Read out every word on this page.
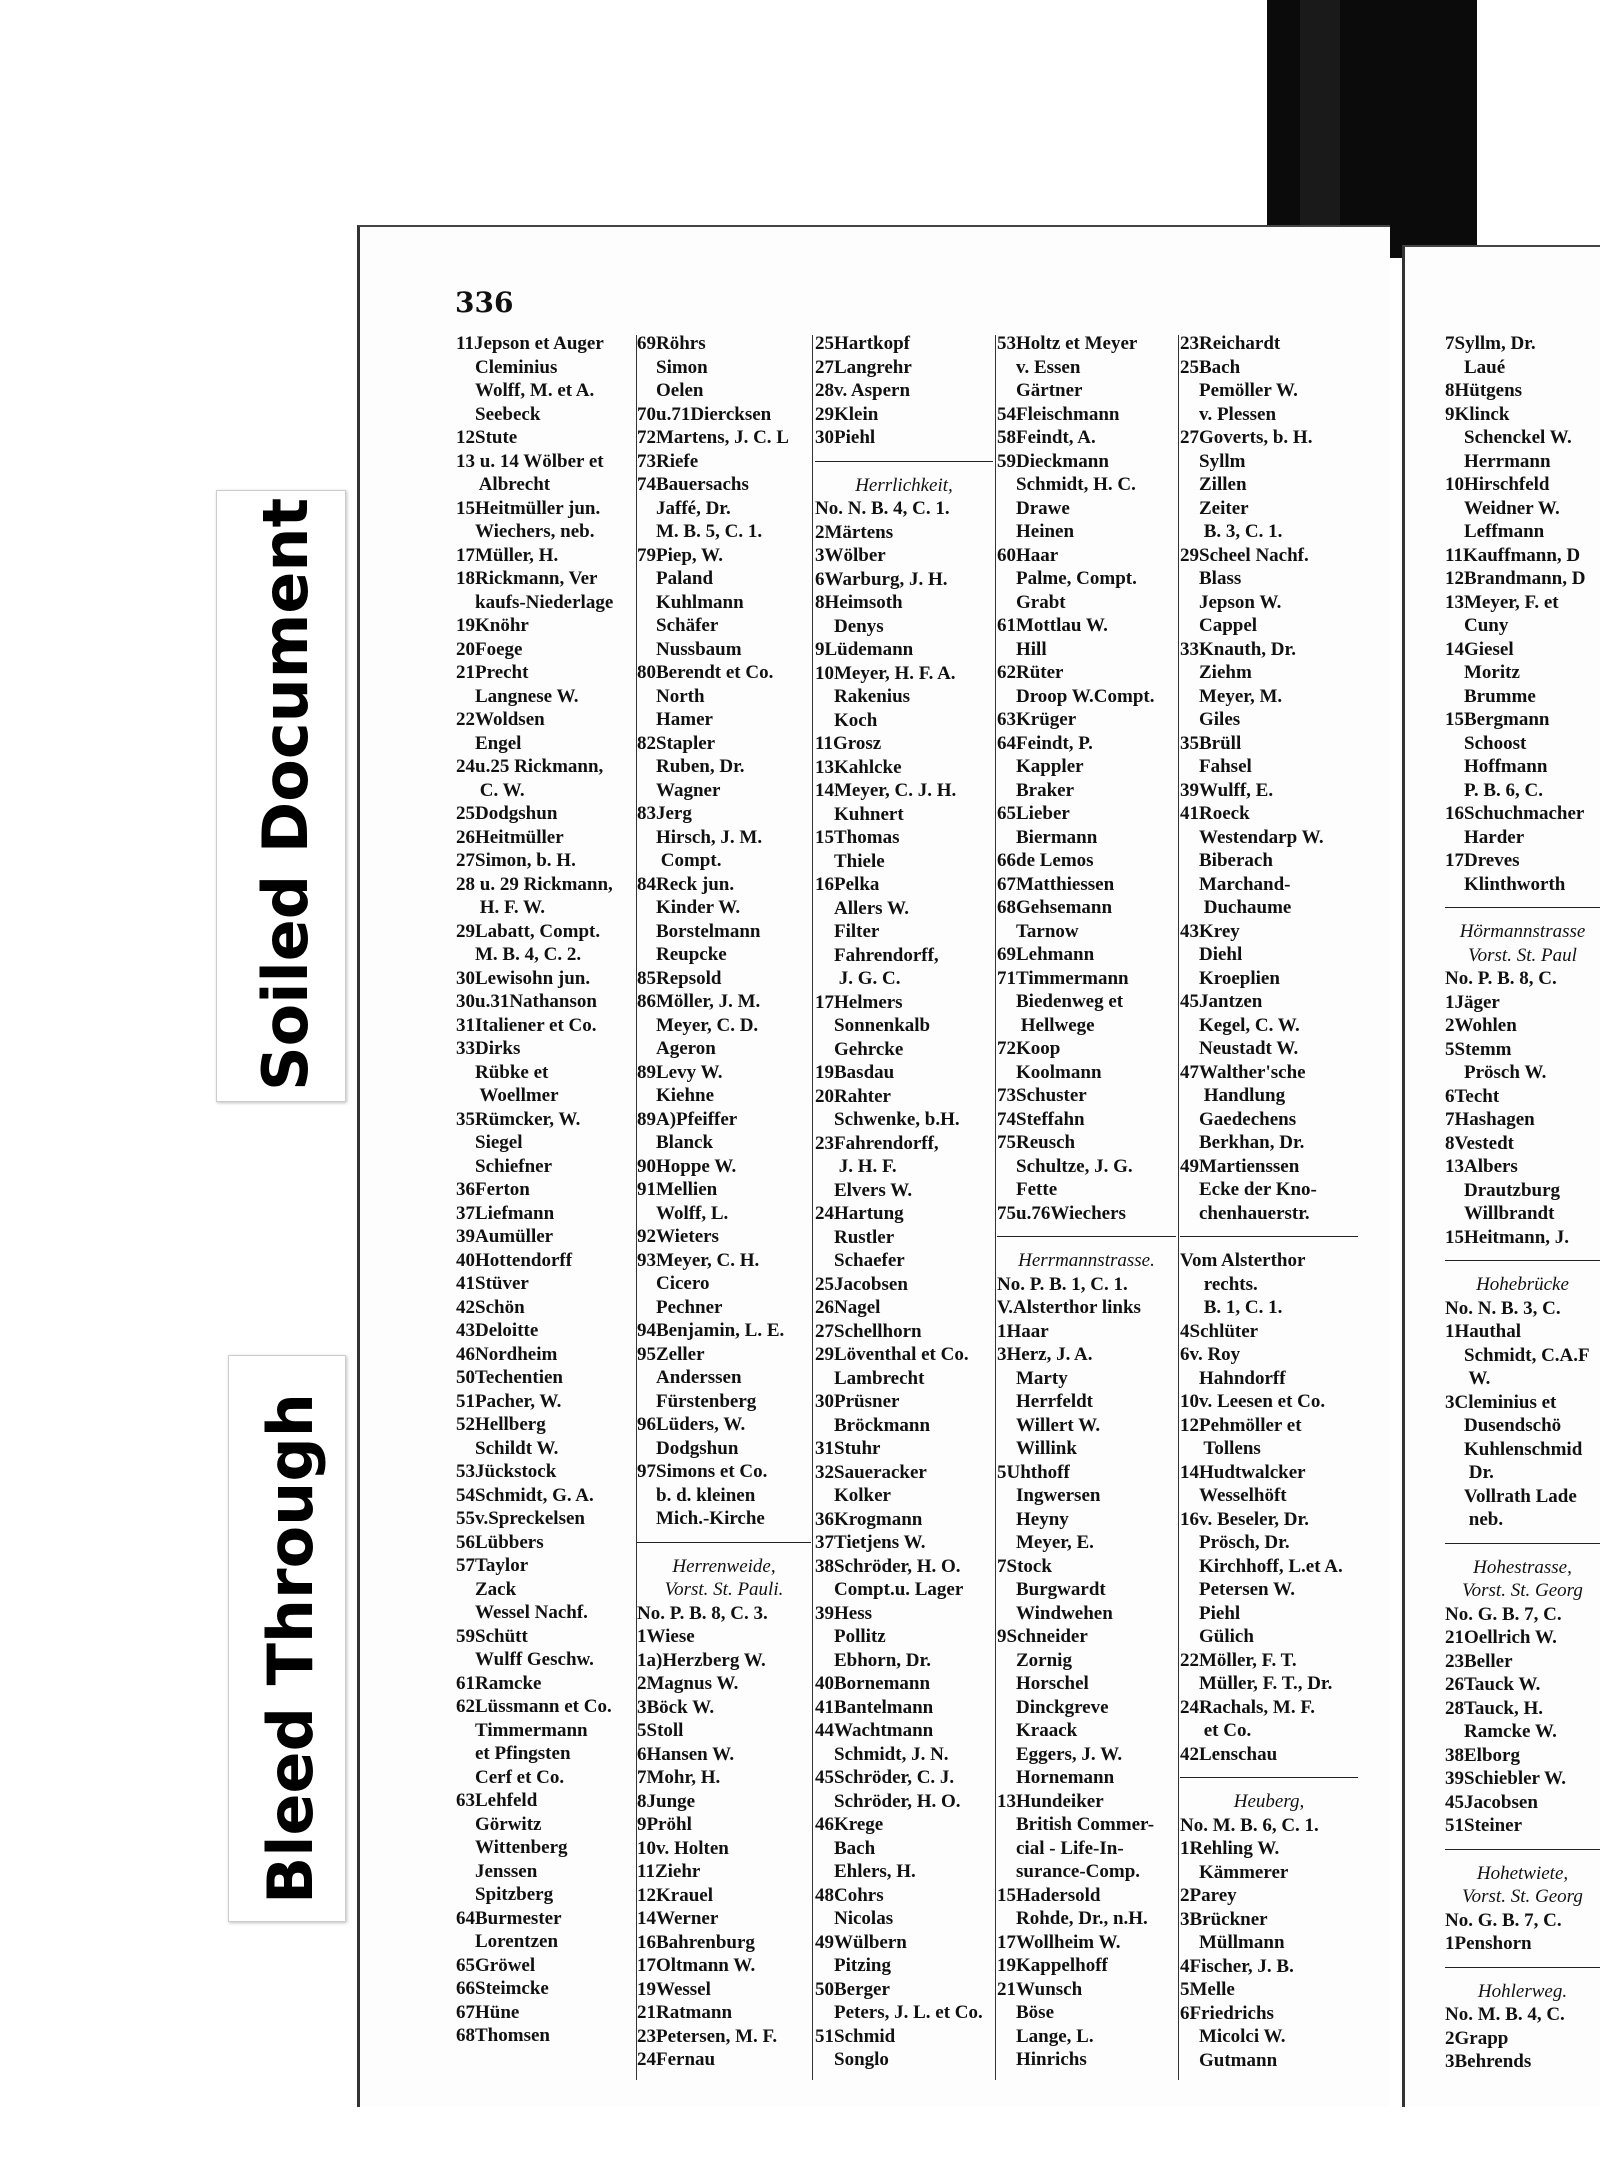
336
11Jepson et Auger
 Cleminius
 Wolff, M. et A.
 Seebeck
12Stute
13 u. 14 Wölber et
  Albrecht
15Heitmüller jun.
 Wiechers, neb.
17Müller, H.
18Rickmann, Ver
 kaufs-Niederlage
19Knöhr
20Foege
21Precht
 Langnese W.
22Woldsen
 Engel
24u.25 Rickmann,
  C. W.
25Dodgshun
26Heitmüller
27Simon, b. H.
28 u. 29 Rickmann,
  H. F. W.
29Labatt, Compt.
 M. B. 4, C. 2.
30Lewisohn jun.
30u.31Nathanson
31Italiener et Co.
33Dirks
 Rübke et
  Woellmer
35Rümcker, W.
 Siegel
 Schiefner
36Ferton
37Liefmann
39Aumüller
40Hottendorff
41Stüver
42Schön
43Deloitte
46Nordheim
50Techentien
51Pacher, W.
52Hellberg
 Schildt W.
53Jückstock
54Schmidt, G. A.
55v.Spreckelsen
56Lübbers
57Taylor
 Zack
 Wessel Nachf.
59Schütt
 Wulff Geschw.
61Ramcke
62Lüssmann et Co.
 Timmermann
 et Pfingsten
 Cerf et Co.
63Lehfeld
 Görwitz
 Wittenberg
 Jenssen
 Spitzberg
64Burmester
 Lorentzen
65Gröwel
66Steimcke
67Hüne
68Thomsen
69Röhrs
 Simon
 Oelen
70u.71Diercksen
72Martens, J. C. L
73Riefe
74Bauersachs
 Jaffé, Dr.
 M. B. 5, C. 1.
79Piep, W.
 Paland
 Kuhlmann
 Schäfer
 Nussbaum
80Berendt et Co.
 North
 Hamer
82Stapler
 Ruben, Dr.
 Wagner
83Jerg
 Hirsch, J. M.
  Compt.
84Reck jun.
 Kinder W.
 Borstelmann
 Reupcke
85Repsold
86Möller, J. M.
 Meyer, C. D.
 Ageron
89Levy W.
 Kiehne
89A)Pfeiffer
 Blanck
90Hoppe W.
91Mellien
 Wolff, L.
92Wieters
93Meyer, C. H.
 Cicero
 Pechner
94Benjamin, L. E.
95Zeller
 Anderssen
 Fürstenberg
96Lüders, W.
 Dodgshun
97Simons et Co.
 b. d. kleinen
 Mich.-Kirche
Herrenweide,
Vorst. St. Pauli.
No. P. B. 8, C. 3.
1Wiese
1a)Herzberg W.
2Magnus W.
3Böck W.
5Stoll
6Hansen W.
7Mohr, H.
8Junge
9Pröhl
10v. Holten
11Ziehr
12Krauel
14Werner
16Bahrenburg
17Oltmann W.
19Wessel
21Ratmann
23Petersen, M. F.
24Fernau
25Hartkopf
27Langrehr
28v. Aspern
29Klein
30Piehl
Herrlichkeit,
No. N. B. 4, C. 1.
2Märtens
3Wölber
6Warburg, J. H.
8Heimsoth
 Denys
9Lüdemann
10Meyer, H. F. A.
 Rakenius
 Koch
11Grosz
13Kahlcke
14Meyer, C. J. H.
 Kuhnert
15Thomas
 Thiele
16Pelka
 Allers W.
 Filter
 Fahrendorff,
  J. G. C.
17Helmers
 Sonnenkalb
 Gehrcke
19Basdau
20Rahter
 Schwenke, b.H.
23Fahrendorff,
  J. H. F.
 Elvers W.
24Hartung
 Rustler
 Schaefer
25Jacobsen
26Nagel
27Schellhorn
29Löventhal et Co.
 Lambrecht
30Prüsner
 Bröckmann
31Stuhr
32Saueracker
 Kolker
36Krogmann
37Tietjens W.
38Schröder, H. O.
 Compt.u. Lager
39Hess
 Pollitz
 Ebhorn, Dr.
40Bornemann
41Bantelmann
44Wachtmann
 Schmidt, J. N.
45Schröder, C. J.
 Schröder, H. O.
46Krege
 Bach
 Ehlers, H.
48Cohrs
 Nicolas
49Wülbern
 Pitzing
50Berger
 Peters, J. L. et Co.
51Schmid
 Songlo
53Holtz et Meyer
 v. Essen
 Gärtner
54Fleischmann
58Feindt, A.
59Dieckmann
 Schmidt, H. C.
 Drawe
 Heinen
60Haar
 Palme, Compt.
 Grabt
61Mottlau W.
 Hill
62Rüter
 Droop W.Compt.
63Krüger
64Feindt, P.
 Kappler
 Braker
65Lieber
 Biermann
66de Lemos
67Matthiessen
68Gehsemann
 Tarnow
69Lehmann
71Timmermann
 Biedenweg et
  Hellwege
72Koop
 Koolmann
73Schuster
74Steffahn
75Reusch
 Schultze, J. G.
 Fette
75u.76Wiechers
Herrmannstrasse.
No. P. B. 1, C. 1.
V.Alsterthor links
1Haar
3Herz, J. A.
 Marty
 Herrfeldt
 Willert W.
 Willink
5Uhthoff
 Ingwersen
 Heyny
 Meyer, E.
7Stock
 Burgwardt
 Windwehen
9Schneider
 Zornig
 Horschel
 Dinckgreve
 Kraack
 Eggers, J. W.
 Hornemann
13Hundeiker
 British Commer-
 cial - Life-In-
 surance-Comp.
15Hadersold
 Rohde, Dr., n.H.
17Wollheim W.
19Kappelhoff
21Wunsch
 Böse
 Lange, L.
 Hinrichs
23Reichardt
25Bach
 Pemöller W.
 v. Plessen
27Goverts, b. H.
 Syllm
 Zillen
 Zeiter
  B. 3, C. 1.
29Scheel Nachf.
 Blass
 Jepson W.
 Cappel
33Knauth, Dr.
 Ziehm
 Meyer, M.
 Giles
35Brüll
 Fahsel
39Wulff, E.
41Roeck
 Westendarp W.
 Biberach
 Marchand-
  Duchaume
43Krey
 Diehl
 Kroeplien
45Jantzen
 Kegel, C. W.
 Neustadt W.
47Walther'sche
  Handlung
 Gaedechens
 Berkhan, Dr.
49Martienssen
 Ecke der Kno-
 chenhauerstr.
Vom Alsterthor
  rechts.
  B. 1, C. 1.
4Schlüter
6v. Roy
 Hahndorff
10v. Leesen et Co.
12Pehmöller et
  Tollens
14Hudtwalcker
 Wesselhöft
16v. Beseler, Dr.
 Prösch, Dr.
 Kirchhoff, L.et A.
 Petersen W.
 Piehl
 Gülich
22Möller, F. T.
 Müller, F. T., Dr.
24Rachals, M. F.
  et Co.
42Lenschau
Heuberg,
No. M. B. 6, C. 1.
1Rehling W.
 Kämmerer
2Parey
3Brückner
 Müllmann
4Fischer, J. B.
5Melle
6Friedrichs
 Micolci W.
 Gutmann
7Syllm, Dr.
 Laué
8Hütgens
9Klinck
 Schenckel W.
 Herrmann
10Hirschfeld
 Weidner W.
 Leffmann
11Kauffmann, D
12Brandmann, D
13Meyer, F. et
 Cuny
14Giesel
 Moritz
 Brumme
15Bergmann
 Schoost
 Hoffmann
 P. B. 6, C.
16Schuchmacher
 Harder
17Dreves
 Klinthworth
Hörmannstrasse
Vorst. St. Paul
No. P. B. 8, C.
1Jäger
2Wohlen
5Stemm
 Prösch W.
6Techt
7Hashagen
8Vestedt
13Albers
 Drautzburg
 Willbrandt
15Heitmann, J.
Hohebrücke
No. N. B. 3, C.
1Hauthal
 Schmidt, C.A.F
  W.
3Cleminius et
 Dusendschö
 Kuhlenschmid
  Dr.
 Vollrath Lade
  neb.
Hohestrasse,
Vorst. St. Georg
No. G. B. 7, C.
21Oellrich W.
23Beller
26Tauck W.
28Tauck, H.
 Ramcke W.
38Elborg
39Schiebler W.
45Jacobsen
51Steiner
Hohetwiete,
Vorst. St. Georg
No. G. B. 7, C.
1Penshorn
Hohlerweg.
No. M. B. 4, C.
2Grapp
3Behrends
Soiled Document
Bleed Through
